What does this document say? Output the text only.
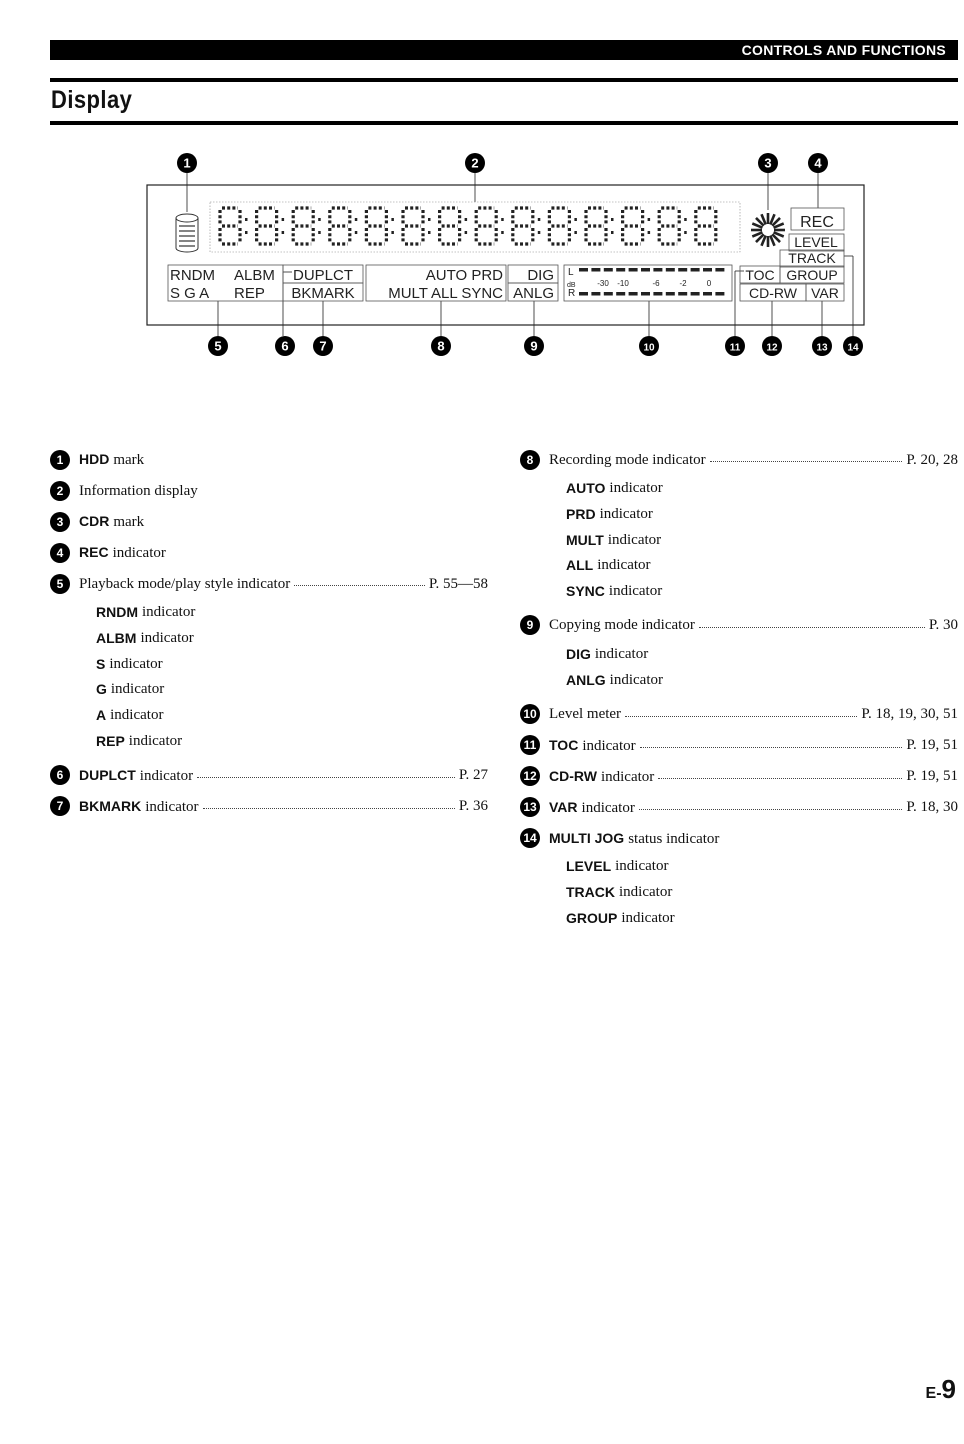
CONTROLS AND FUNCTIONS
Display
RNDM ALBM
S G A REP
DUPLCT
BKMARK
AUTO PRD
MULT ALL SYNC
DIG
ANLG
REC
LEVEL
TRACK
TOC GROUP
CD-RW VAR
L
R
dB	-30 -10	-6 -2	0
1	2	3	4
5	6 7	8	9	10	11	12	13 14
1	HDD mark
2	Information display
3	CDR mark
4	REC indicator
5	Playback mode/play style indicator	P. 55—58
RNDM indicator
ALBM indicator
S indicator
G indicator
A indicator
REP indicator
6	DUPLCT indicator	P. 27
7	BKMARK indicator	P. 36
8	Recording mode indicator	P. 20, 28
AUTO indicator
PRD indicator
MULT indicator
ALL indicator
SYNC indicator
9	Copying mode indicator	P. 30
DIG indicator
ANLG indicator
10 Level meter	P. 18, 19, 30, 51
11 TOC indicator	P. 19, 51
12 CD-RW indicator	P. 19, 51
13 VAR indicator	P. 18, 30
14 MULTI JOG status indicator
LEVEL indicator
TRACK indicator
GROUP indicator
E-9
